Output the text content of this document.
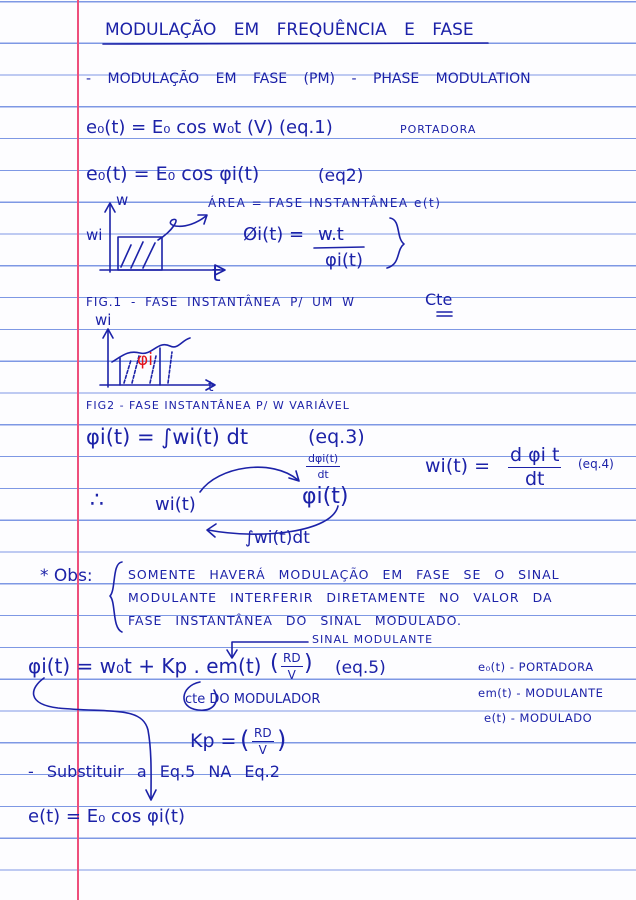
MODULAÇÃO EM FREQUÊNCIA E FASE
- MODULAÇÃO EM FASE (PM) - PHASE MODULATION
e₀(t) = E₀ cos w₀t (V) (eq.1)	PORTADORA
e₀(t) = E₀ cos φi(t)	(eq2)
w
wi
t
ÁREA = FASE INSTANTÂNEA e(t)
Øi(t) = w.t
φi(t)
FIG.1 - FASE INSTANTÂNEA P/ UM W	Cte
wi
φi
t
FIG2 - FASE INSTANTÂNEA P/ W VARIÁVEL
φi(t) = ∫wi(t) dt	(eq.3)
dφi(t)
dt	$wi(t) = \frac{\text{d φi t}}{dt} (eq.4)$
∴	wi(t)	φi(t)
∫wi(t)dt
* Obs:	SOMENTE HAVERÁ MODULAÇÃO EM FASE SE O SINAL
MODULANTE INTERFERIR DIRETAMENTE NO VALOR DA
FASE INSTANTÂNEA DO SINAL MODULADO.
SINAL MODULANTE
φi(t) = w₀t + Kp . em(t) ( $\frac{RD}{V}$ ) (eq.5)
cte DO MODULADOR
e₀(t) - PORTADORA
em(t) - MODULANTE
e(t) - MODULADO
Kp = ( $\frac{RD}{V}$ )
- Substituir a Eq.5 NA Eq.2
e(t) = E₀ cos φi(t)
